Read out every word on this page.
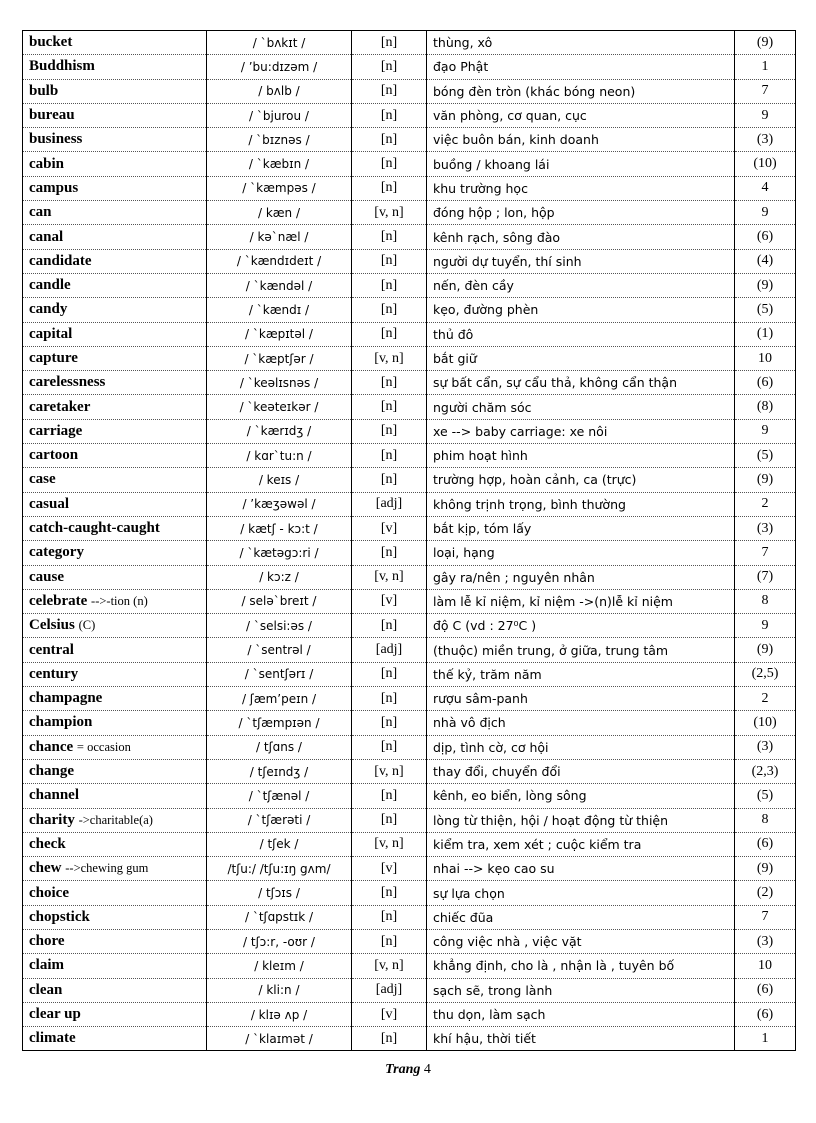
bucket	/ `bʌkɪt /	[n]	thùng, xô	(9)
Buddhism	/ ’bu:dɪzəm /	[n]	đạo Phật	1
bulb	/ bʌlb /	[n]	bóng đèn tròn (khác bóng neon)	7
bureau	/ `bjurou /	[n]	văn phòng, cơ quan, cục	9
business	/ `bɪznəs /	[n]	việc buôn bán, kinh doanh	(3)
cabin	/ `kæbɪn /	[n]	buồng / khoang lái	(10)
campus	/ `kæmpəs /	[n]	khu trường học	4
can	/ kæn /	[v, n]	đóng hộp ; lon, hộp	9
canal	/ kə`næl /	[n]	kênh rạch, sông đào	(6)
candidate	/ `kændɪdeɪt /	[n]	người dự tuyển, thí sinh	(4)
candle	/ `kændəl /	[n]	nến, đèn cầy	(9)
candy	/ `kændɪ /	[n]	kẹo, đường phèn	(5)
capital	/ `kæpɪtəl /	[n]	thủ đô	(1)
capture	/ `kæptʃər /	[v, n]	bắt giữ	10
carelessness	/ `keəlɪsnəs /	[n]	sự bất cẩn, sự cẩu thả, không cẩn thận	(6)
caretaker	/ `keəteɪkər /	[n]	người chăm sóc	(8)
carriage	/ `kærɪdʒ /	[n]	xe --> baby carriage: xe nôi	9
cartoon	/ kɑr`tu:n /	[n]	phim hoạt hình	(5)
case	/ keɪs /	[n]	trường hợp, hoàn cảnh, ca (trực)	(9)
casual	/ ’kæʒəwəl /	[adj]	không trịnh trọng, bình thường	2
catch-caught-caught	/ kætʃ - kɔ:t /	[v]	bắt kịp, tóm lấy	(3)
category	/ `kætəgɔ:ri /	[n]	loại, hạng	7
cause	/ kɔ:z /	[v, n]	gây ra/nên ; nguyên nhân	(7)
celebrate -->-tion (n)	/ selə`breɪt /	[v]	làm lễ kỉ niệm, kỉ niệm ->(n)lễ kỉ niệm	8
Celsius (C)	/ `selsi:əs /	[n]	độ C (vd : 27⁰C )	9
central	/ `sentrəl /	[adj]	(thuộc) miền trung, ở giữa, trung tâm	(9)
century	/ `sentʃərɪ /	[n]	thế kỷ, trăm năm	(2,5)
champagne	/ ʃæm’peɪn /	[n]	rượu sâm-panh	2
champion	/ `tʃæmpɪən /	[n]	nhà vô địch	(10)
chance = occasion	/ tʃɑns /	[n]	dịp, tình cờ, cơ hội	(3)
change	/ tʃeɪndʒ /	[v, n]	thay đổi, chuyển đổi	(2,3)
channel	/ `tʃænəl /	[n]	kênh, eo biển, lòng sông	(5)
charity ->charitable(a)	/ `tʃærəti /	[n]	lòng từ thiện, hội / hoạt động từ thiện	8
check	/ tʃek /	[v, n]	kiểm tra, xem xét ; cuộc kiểm tra	(6)
chew -->chewing gum	/tʃu:/ /tʃu:ɪŋ gʌm/	[v]	nhai --> kẹo cao su	(9)
choice	/ tʃɔɪs /	[n]	sự lựa chọn	(2)
chopstick	/ `tʃɑpstɪk /	[n]	chiếc đũa	7
chore	/ tʃɔ:r, -oʊr /	[n]	công việc nhà , việc vặt	(3)
claim	/ kleɪm /	[v, n]	khẳng định, cho là , nhận là , tuyên bố	10
clean	/ kli:n /	[adj]	sạch sẽ, trong lành	(6)
clear up	/ klɪə ʌp /	[v]	thu dọn, làm sạch	(6)
climate	/ `klaɪmət /	[n]	khí hậu, thời tiết	1
Trang 4
